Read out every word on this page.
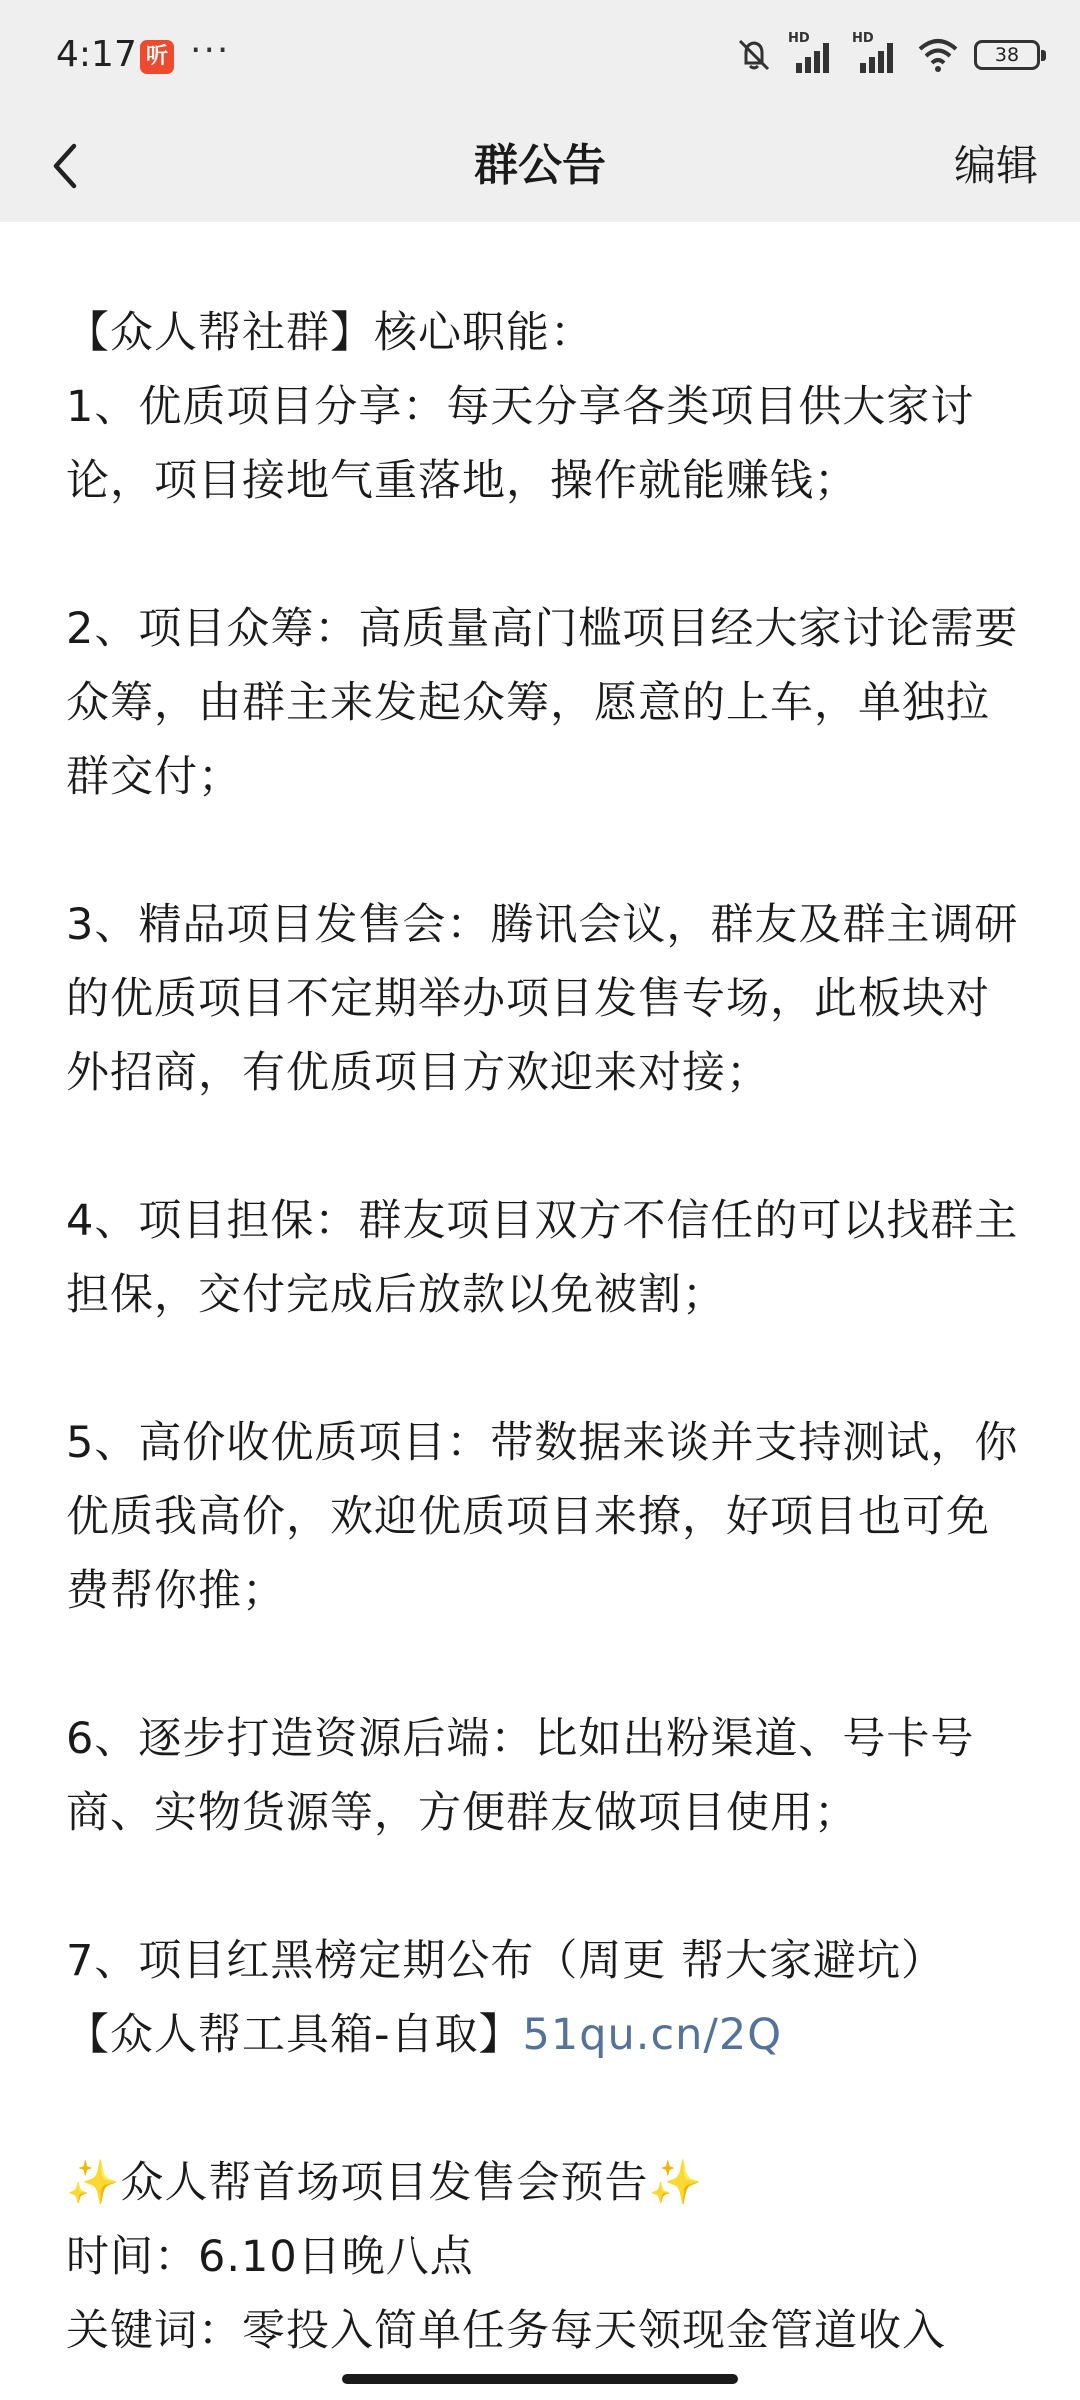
4:17 听 ···	HD	HD
38
群公告	编辑
【众人帮社群】核心职能：
1、优质项目分享：每天分享各类项目供大家讨论，项目接地气重落地，操作就能赚钱；
2、项目众筹：高质量高门槛项目经大家讨论需要众筹，由群主来发起众筹，愿意的上车，单独拉群交付；
3、精品项目发售会：腾讯会议，群友及群主调研的优质项目不定期举办项目发售专场，此板块对外招商，有优质项目方欢迎来对接；
4、项目担保：群友项目双方不信任的可以找群主担保，交付完成后放款以免被割；
5、高价收优质项目：带数据来谈并支持测试，你优质我高价，欢迎优质项目来撩，好项目也可免费帮你推；
6、逐步打造资源后端：比如出粉渠道、号卡号商、实物货源等，方便群友做项目使用；
7、项目红黑榜定期公布（周更 帮大家避坑）
【众人帮工具箱-自取】51qu.cn/2Q
✨众人帮首场项目发售会预告✨
时间：6.10日晚八点
关键词：零投入简单任务每天领现金管道收入
